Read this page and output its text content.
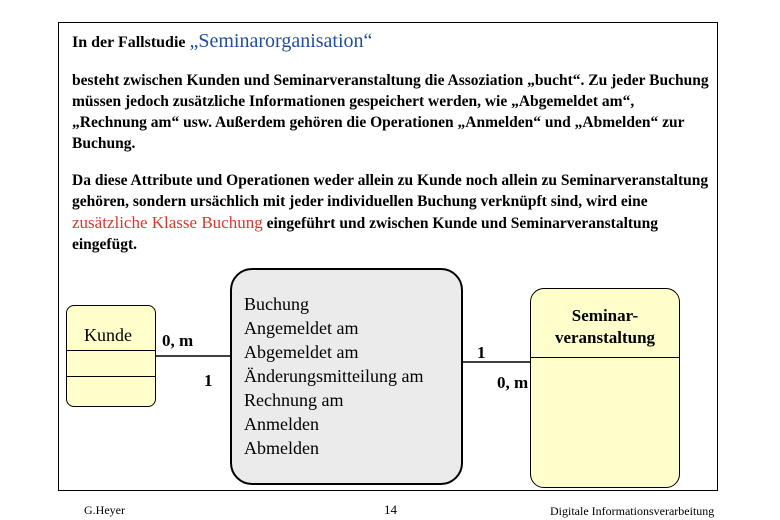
In der Fallstudie „Seminarorganisation“

besteht zwischen Kunden und Seminarveranstaltung die Assoziation „bucht“. Zu jeder Buchung müssen jedoch zusätzliche Informationen gespeichert werden, wie „Abgemeldet am“, „Rechnung am“ usw. Außerdem gehören die Operationen „Anmelden“ und „Abmelden“ zur Buchung.

Da diese Attribute und Operationen weder allein zu Kunde noch allein zu Seminarveranstaltung gehören, sondern ursächlich mit jeder individuellen Buchung verknüpft sind, wird eine zusätzliche Klasse Buchung eingeführt und zwischen Kunde und Seminarveranstaltung eingefügt.

Kunde
Buchung
Angemeldet am
Abgemeldet am
Änderungsmitteilung am
Rechnung am
Anmelden
Abmelden
Seminar-
veranstaltung
0, m
1
1
0, m
G.Heyer	14	Digitale Informationsverarbeitung
